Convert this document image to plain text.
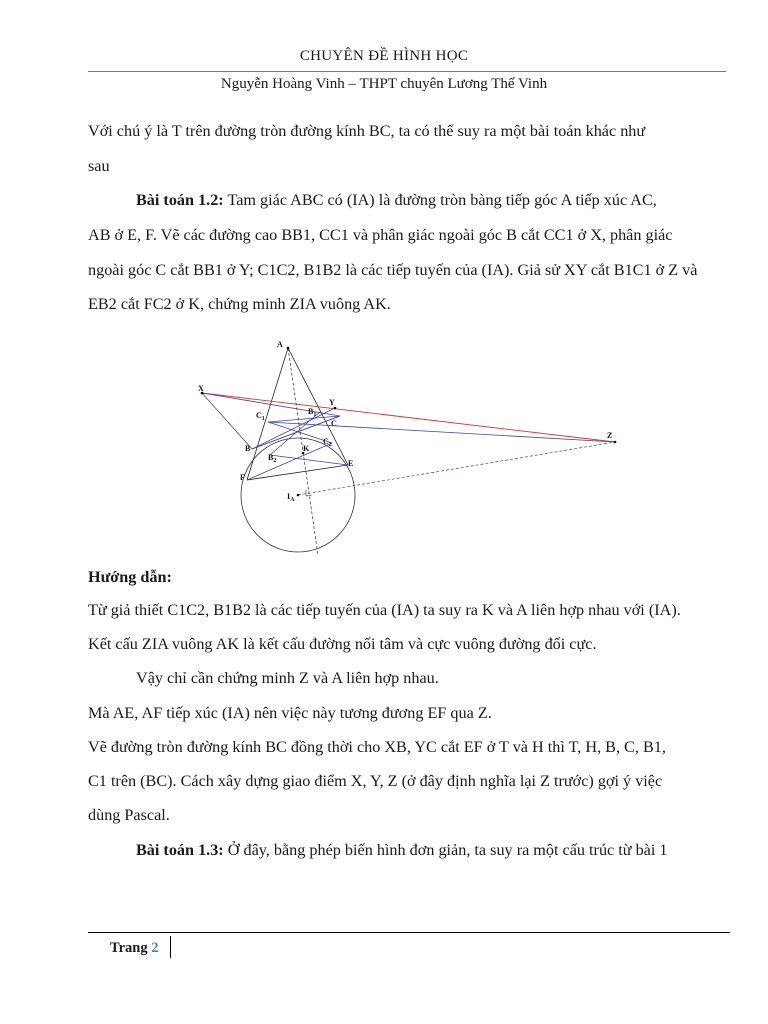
CHUYÊN ĐỀ HÌNH HỌC
Nguyễn Hoàng Vinh – THPT chuyên Lương Thế Vinh
Với chú ý là T trên đường tròn đường kính BC, ta có thể suy ra một bài toán khác như
sau
Bài toán 1.2: Tam giác ABC có (IA) là đường tròn bàng tiếp góc A tiếp xúc AC,
AB ở E, F. Vẽ các đường cao BB1, CC1 và phân giác ngoài góc B cắt CC1 ở X, phân giác
ngoài góc C cắt BB1 ở Y; C1C2, B1B2 là các tiếp tuyến của (IA). Giả sử XY cắt B1C1 ở Z và
EB2 cắt FC2 ở K, chứng minh ZIA vuông AK.
A
X
Y
Z
$C_1$
$B_1$
C
$C_2$
B
$B_2$
K
E
F
$I_A$
Hướng dẫn:
Từ giả thiết C1C2, B1B2 là các tiếp tuyến của (IA) ta suy ra K và A liên hợp nhau với (IA).
Kết cấu ZIA vuông AK là kết cấu đường nối tâm và cực vuông đường đối cực.
Vậy chỉ cần chứng minh Z và A liên hợp nhau.
Mà AE, AF tiếp xúc (IA) nên việc này tương đương EF qua Z.
Vẽ đường tròn đường kính BC đồng thời cho XB, YC cắt EF ở T và H thì T, H, B, C, B1,
C1 trên (BC). Cách xây dựng giao điểm X, Y, Z (ở đây định nghĩa lại Z trước) gợi ý việc
dùng Pascal.
Bài toán 1.3: Ở đây, bằng phép biến hình đơn giản, ta suy ra một cấu trúc từ bài 1
Trang 2
